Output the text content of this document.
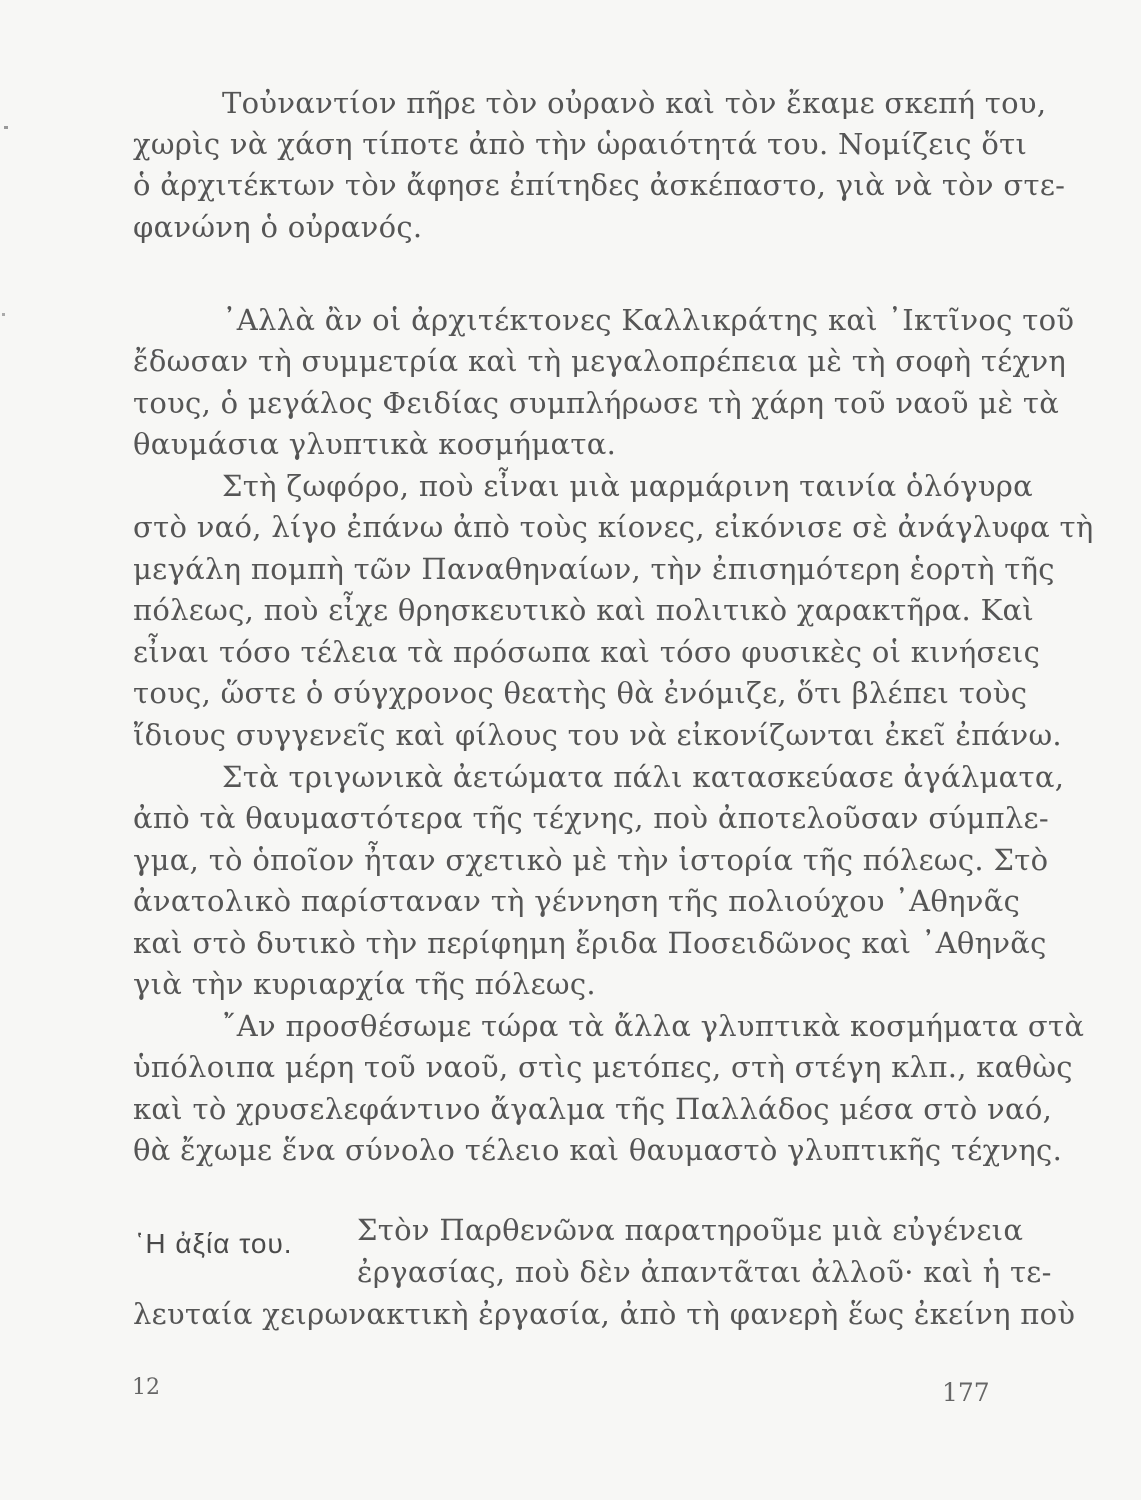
Τοὐναντίον πῆρε τὸν οὐρανὸ καὶ τὸν ἔκαμε σκεπή του,
χωρὶς νὰ χάση τίποτε ἀπὸ τὴν ὡραιότητά του. Νομίζεις ὅτι
ὁ ἀρχιτέκτων τὸν ἄφησε ἐπίτηδες ἀσκέπαστο, γιὰ νὰ τὸν στε-
φανώνη ὁ οὐρανός.
᾿Αλλὰ ἂν οἱ ἀρχιτέκτονες Καλλικράτης καὶ ᾿Ικτῖνος τοῦ
ἔδωσαν τὴ συμμετρία καὶ τὴ μεγαλοπρέπεια μὲ τὴ σοφὴ τέχνη
τους, ὁ μεγάλος Φειδίας συμπλήρωσε τὴ χάρη τοῦ ναοῦ μὲ τὰ
θαυμάσια γλυπτικὰ κοσμήματα.
Στὴ ζωφόρο, ποὺ εἶναι μιὰ μαρμάρινη ταινία ὁλόγυρα
στὸ ναό, λίγο ἐπάνω ἀπὸ τοὺς κίονες, εἰκόνισε σὲ ἀνάγλυφα τὴ
μεγάλη πομπὴ τῶν Παναθηναίων, τὴν ἐπισημότερη ἑορτὴ τῆς
πόλεως, ποὺ εἶχε θρησκευτικὸ καὶ πολιτικὸ χαρακτῆρα. Καὶ
εἶναι τόσο τέλεια τὰ πρόσωπα καὶ τόσο φυσικὲς οἱ κινήσεις
τους, ὥστε ὁ σύγχρονος θεατὴς θὰ ἐνόμιζε, ὅτι βλέπει τοὺς
ἴδιους συγγενεῖς καὶ φίλους του νὰ εἰκονίζωνται ἐκεῖ ἐπάνω.
Στὰ τριγωνικὰ ἀετώματα πάλι κατασκεύασε ἀγάλματα,
ἀπὸ τὰ θαυμαστότερα τῆς τέχνης, ποὺ ἀποτελοῦσαν σύμπλε-
γμα, τὸ ὁποῖον ἦταν σχετικὸ μὲ τὴν ἱστορία τῆς πόλεως. Στὸ
ἀνατολικὸ παρίσταναν τὴ γέννηση τῆς πολιούχου ᾿Αθηνᾶς
καὶ στὸ δυτικὸ τὴν περίφημη ἔριδα Ποσειδῶνος καὶ ᾿Αθηνᾶς
γιὰ τὴν κυριαρχία τῆς πόλεως.
῎Αν προσθέσωμε τώρα τὰ ἄλλα γλυπτικὰ κοσμήματα στὰ
ὑπόλοιπα μέρη τοῦ ναοῦ, στὶς μετόπες, στὴ στέγη κλπ., καθὼς
καὶ τὸ χρυσελεφάντινο ἄγαλμα τῆς Παλλάδος μέσα στὸ ναό,
θὰ ἔχωμε ἕνα σύνολο τέλειο καὶ θαυμαστὸ γλυπτικῆς τέχνης.
῾Η ἀξία του. Στὸν Παρθενῶνα παρατηροῦμε μιὰ εὐγένεια
ἐργασίας, ποὺ δὲν ἀπαντᾶται ἀλλοῦ· καὶ ἡ τε-
λευταία χειρωνακτικὴ ἐργασία, ἀπὸ τὴ φανερὴ ἕως ἐκείνη ποὺ
12	177
